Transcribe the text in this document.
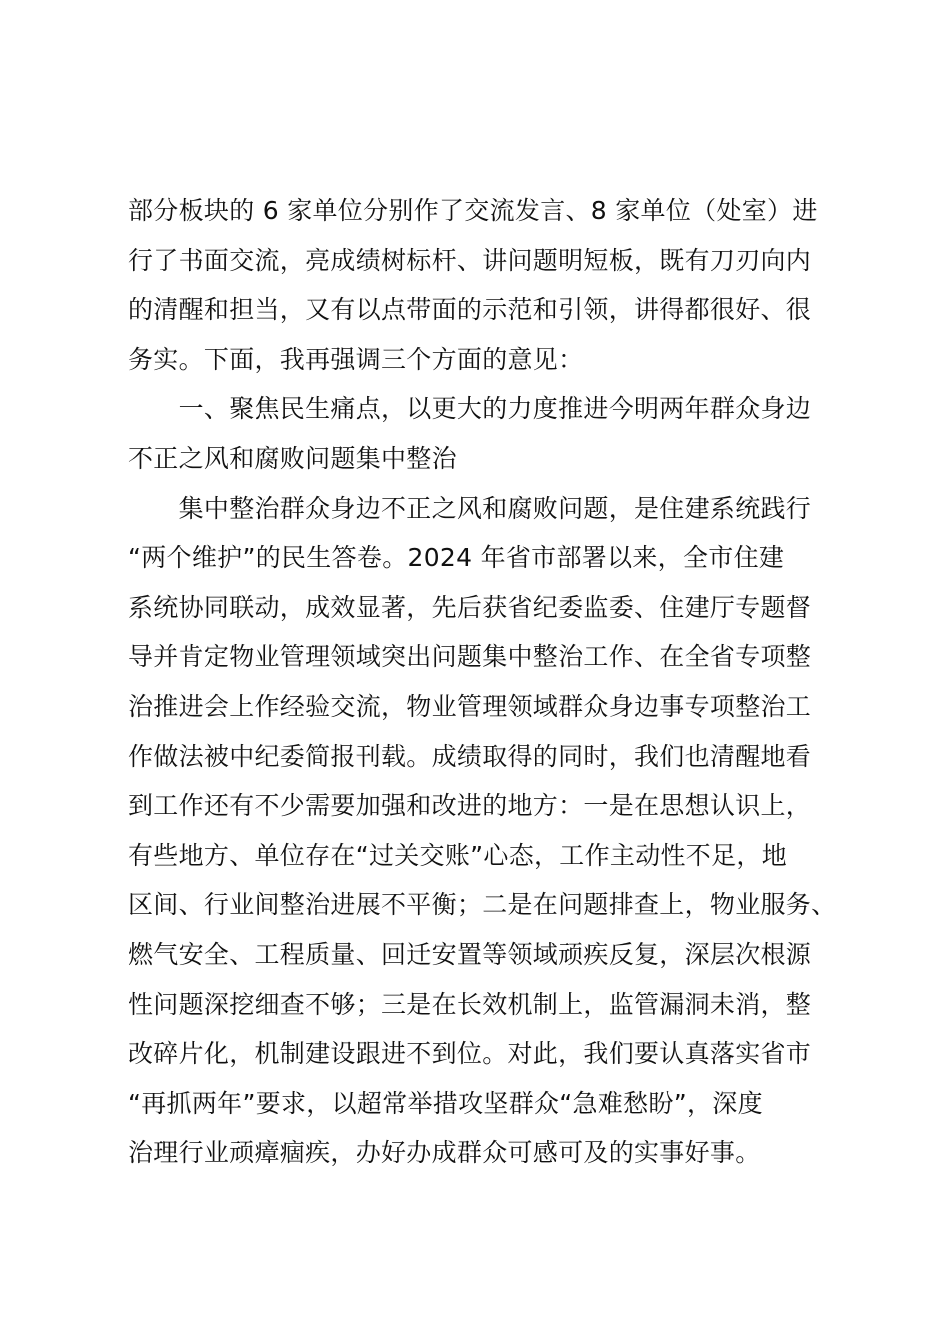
部分板块的 6 家单位分别作了交流发言、8 家单位（处室）进
行了书面交流，亮成绩树标杆、讲问题明短板，既有刀刃向内
的清醒和担当，又有以点带面的示范和引领，讲得都很好、很
务实。下面，我再强调三个方面的意见：
　　一、聚焦民生痛点，以更大的力度推进今明两年群众身边
不正之风和腐败问题集中整治
　　集中整治群众身边不正之风和腐败问题，是住建系统践行
“两个维护”的民生答卷。2024 年省市部署以来，全市住建
系统协同联动，成效显著，先后获省纪委监委、住建厅专题督
导并肯定物业管理领域突出问题集中整治工作、在全省专项整
治推进会上作经验交流，物业管理领域群众身边事专项整治工
作做法被中纪委简报刊载。成绩取得的同时，我们也清醒地看
到工作还有不少需要加强和改进的地方：一是在思想认识上，
有些地方、单位存在“过关交账”心态，工作主动性不足，地
区间、行业间整治进展不平衡；二是在问题排查上，物业服务、
燃气安全、工程质量、回迁安置等领域顽疾反复，深层次根源
性问题深挖细查不够；三是在长效机制上，监管漏洞未消，整
改碎片化，机制建设跟进不到位。对此，我们要认真落实省市
“再抓两年”要求，以超常举措攻坚群众“急难愁盼”，深度
治理行业顽瘴痼疾，办好办成群众可感可及的实事好事。
